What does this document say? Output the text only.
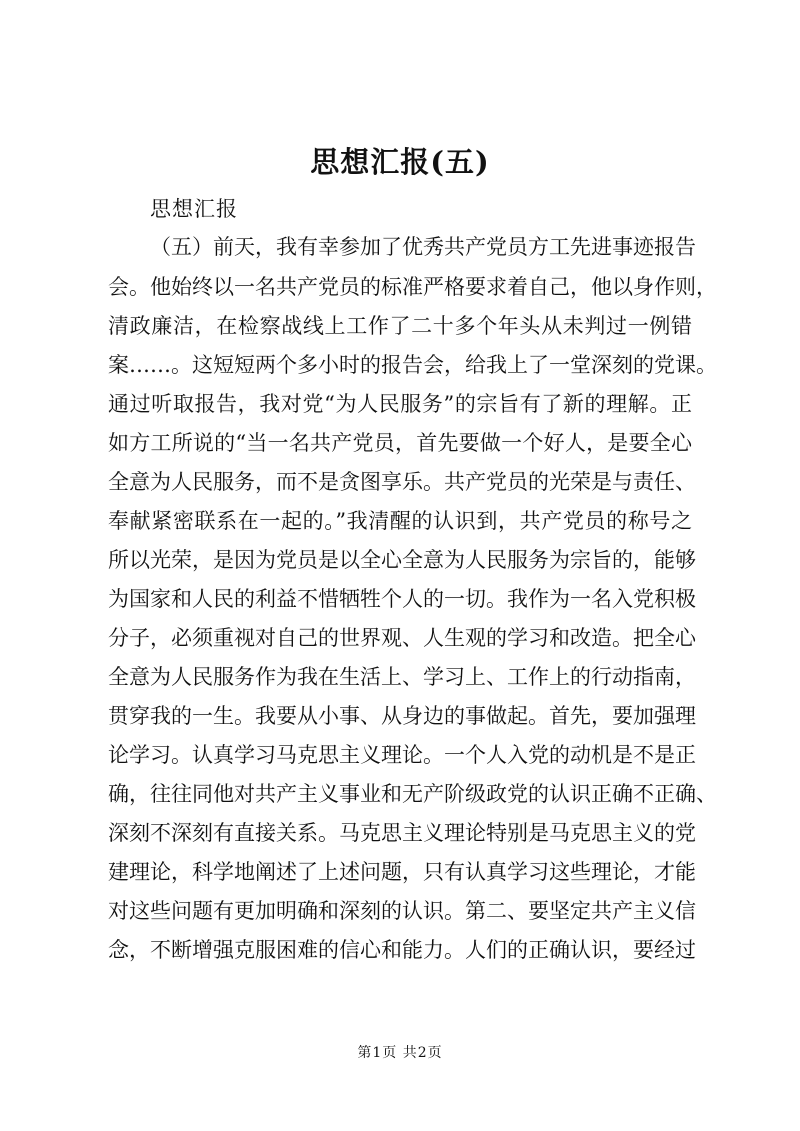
思想汇报(五)
思想汇报
（五）前天，我有幸参加了优秀共产党员方工先进事迹报告
会。他始终以一名共产党员的标准严格要求着自己，他以身作则，
清政廉洁，在检察战线上工作了二十多个年头从未判过一例错
案……。这短短两个多小时的报告会，给我上了一堂深刻的党课。
通过听取报告，我对党“为人民服务”的宗旨有了新的理解。正
如方工所说的“当一名共产党员，首先要做一个好人，是要全心
全意为人民服务，而不是贪图享乐。共产党员的光荣是与责任、
奉献紧密联系在一起的。”我清醒的认识到，共产党员的称号之
所以光荣，是因为党员是以全心全意为人民服务为宗旨的，能够
为国家和人民的利益不惜牺牲个人的一切。我作为一名入党积极
分子，必须重视对自己的世界观、人生观的学习和改造。把全心
全意为人民服务作为我在生活上、学习上、工作上的行动指南，
贯穿我的一生。我要从小事、从身边的事做起。首先，要加强理
论学习。认真学习马克思主义理论。一个人入党的动机是不是正
确，往往同他对共产主义事业和无产阶级政党的认识正确不正确、
深刻不深刻有直接关系。马克思主义理论特别是马克思主义的党
建理论，科学地阐述了上述问题，只有认真学习这些理论，才能
对这些问题有更加明确和深刻的认识。第二、要坚定共产主义信
念，不断增强克服困难的信心和能力。人们的正确认识，要经过
第1页 共2页
